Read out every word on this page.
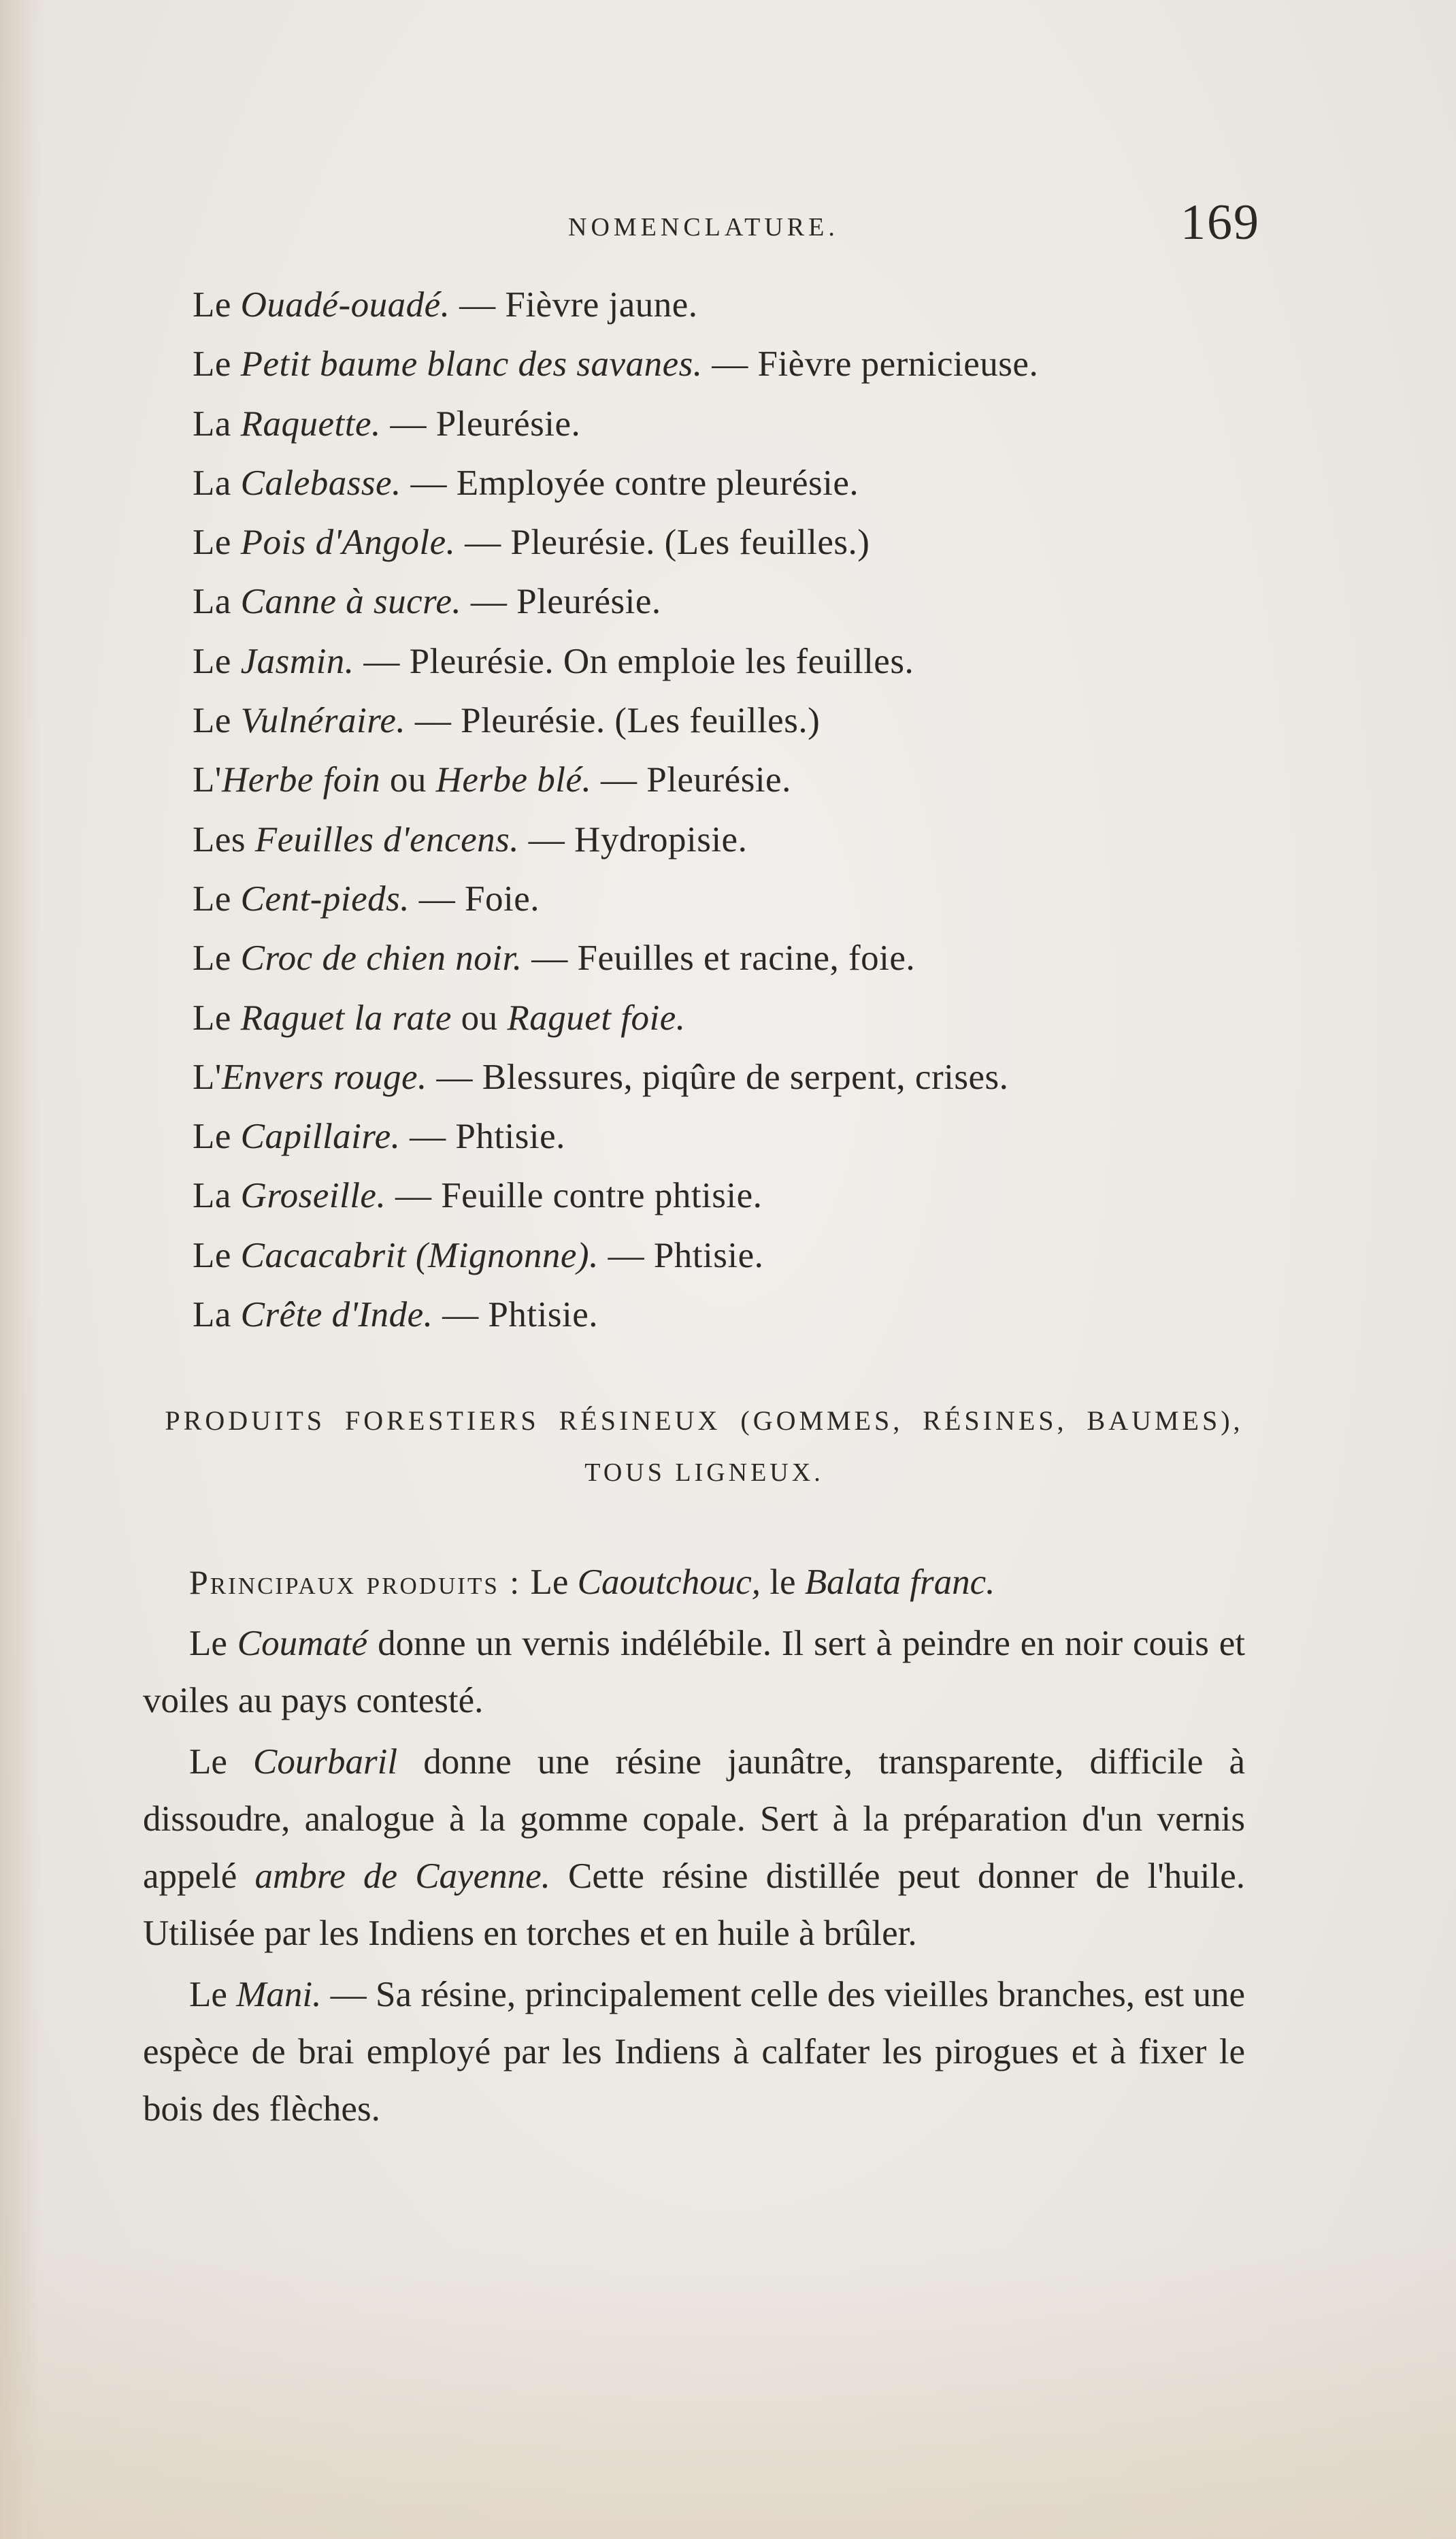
NOMENCLATURE.	169
Le Ouadé-ouadé. — Fièvre jaune.
Le Petit baume blanc des savanes. — Fièvre pernicieuse.
La Raquette. — Pleurésie.
La Calebasse. — Employée contre pleurésie.
Le Pois d'Angole. — Pleurésie. (Les feuilles.)
La Canne à sucre. — Pleurésie.
Le Jasmin. — Pleurésie. On emploie les feuilles.
Le Vulnéraire. — Pleurésie. (Les feuilles.)
L'Herbe foin ou Herbe blé. — Pleurésie.
Les Feuilles d'encens. — Hydropisie.
Le Cent-pieds. — Foie.
Le Croc de chien noir. — Feuilles et racine, foie.
Le Raguet la rate ou Raguet foie.
L'Envers rouge. — Blessures, piqûre de serpent, crises.
Le Capillaire. — Phtisie.
La Groseille. — Feuille contre phtisie.
Le Cacacabrit (Mignonne). — Phtisie.
La Crête d'Inde. — Phtisie.
PRODUITS FORESTIERS RÉSINEUX (GOMMES, RÉSINES, BAUMES),
TOUS LIGNEUX.

Principaux produits : Le Caoutchouc, le Balata franc.

Le Coumaté donne un vernis indélébile. Il sert à peindre en noir couis et voiles au pays contesté.

Le Courbaril donne une résine jaunâtre, transparente, difficile à dissoudre, analogue à la gomme copale. Sert à la préparation d'un vernis appelé ambre de Cayenne. Cette résine distillée peut donner de l'huile. Utilisée par les Indiens en torches et en huile à brûler.

Le Mani. — Sa résine, principalement celle des vieilles branches, est une espèce de brai employé par les Indiens à calfater les pirogues et à fixer le bois des flèches.
